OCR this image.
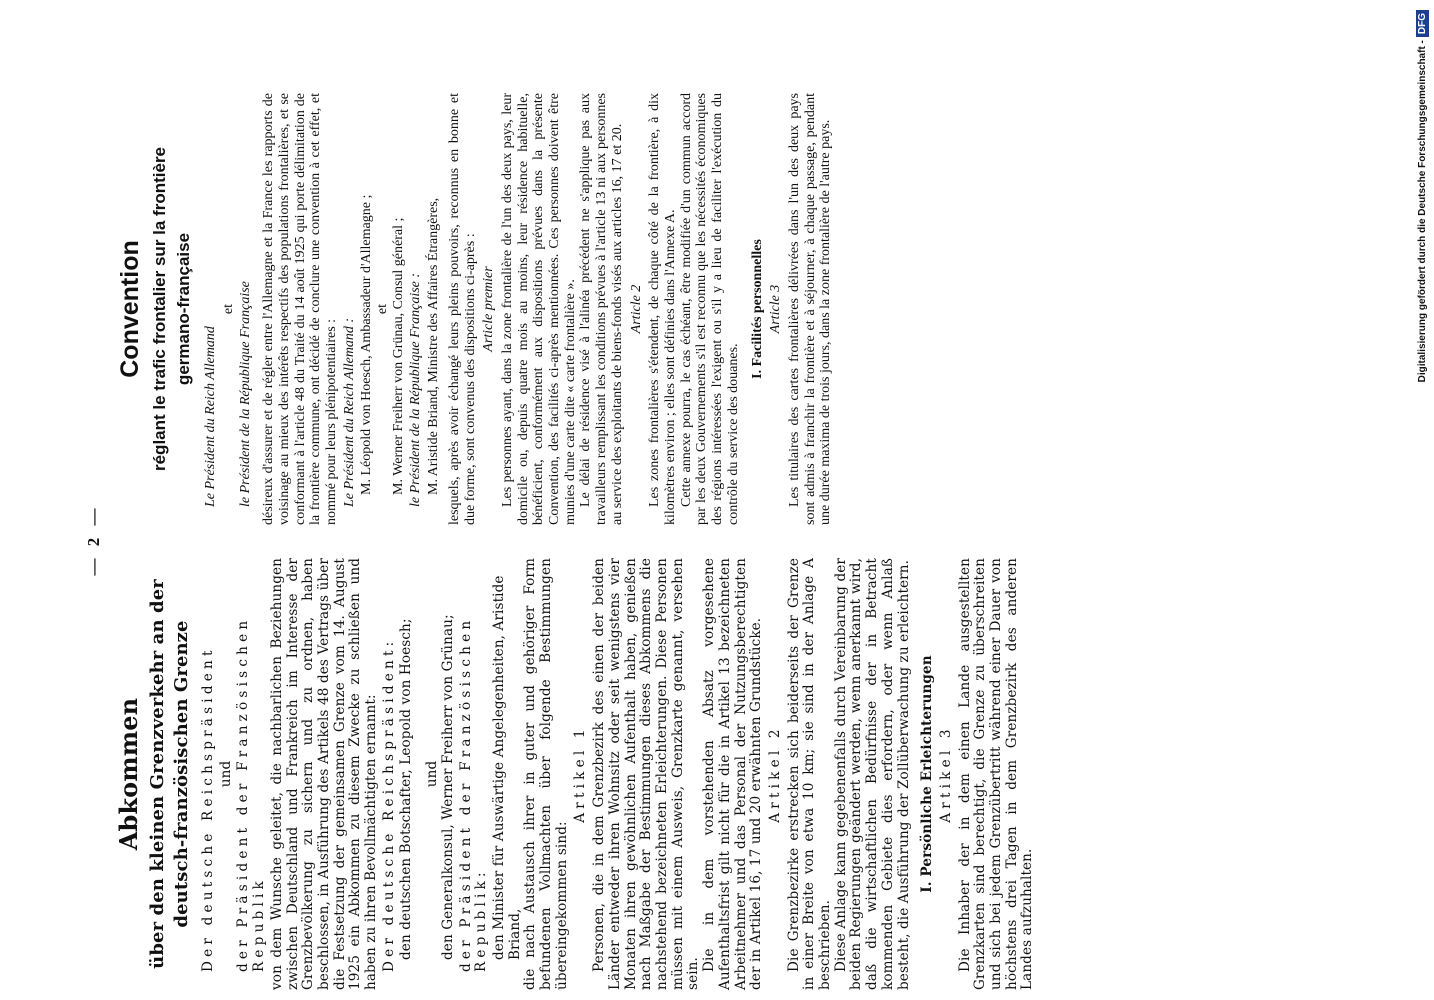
— 2 —
Abkommen über den kleinen Grenzverkehr an der deutsch-französischen Grenze Der deutsche Reichspräsident und der Präsident der Französischen Republik von dem Wunsche geleitet, die nachbarlichen Beziehungen zwischen Deutschland und Frankreich im Interesse der Grenzbevölkerung zu sichern und zu ordnen, haben beschlossen, in Ausführung des Artikels 48 des Vertrags über die Festsetzung der gemeinsamen Grenze vom 14. August 1925 ein Abkommen zu diesem Zwecke zu schließen und haben zu ihren Bevollmächtigten ernannt: Der deutsche Reichspräsident: den deutschen Botschafter, Leopold von Hoesch; und den Generalkonsul, Werner Freiherr von Grünau; der Präsident der Französischen Republik: den Minister für Auswärtige Angelegenheiten, Aristide Briand, die nach Austausch ihrer in guter und gehöriger Form befundenen Vollmachten über folgende Bestimmungen übereingekommen sind:

Artikel 1 Personen, die in dem Grenzbezirk des einen der beiden Länder entweder ihren Wohnsitz oder seit wenigstens vier Monaten ihren gewöhnlichen Aufenthalt haben, genießen nach Maßgabe der Bestimmungen dieses Abkommens die nachstehend bezeichneten Erleichterungen. Diese Personen müssen mit einem Ausweis, Grenzkarte genannt, versehen sein.

Die in dem vorstehenden Absatz vorgesehene Aufenthaltsfrist gilt nicht für die in Artikel 13 bezeichneten Arbeitnehmer und das Personal der Nutzungsberechtigten der in Artikel 16, 17 und 20 erwähnten Grundstücke. Artikel 2 Die Grenzbezirke erstrecken sich beiderseits der Grenze in einer Breite von etwa 10 km; sie sind in der Anlage A beschrieben. Diese Anlage kann gegebenenfalls durch Vereinbarung der beiden Regierungen geändert werden, wenn anerkannt wird, daß die wirtschaftlichen Bedürfnisse der in Betracht kommenden Gebiete dies erfordern, oder wenn Anlaß besteht, die Ausführung der Zollüberwachung zu erleichtern. I. Persönliche Erleichterungen Artikel 3 Die Inhaber der in dem einen Lande ausgestellten Grenzkarten sind berechtigt, die Grenze zu überschreiten und sich bei jedem Grenzübertritt während einer Dauer von höchstens drei Tagen in dem Grenzbezirk des anderen Landes aufzuhalten.

Convention réglant le trafic frontalier sur la frontière germano-française
Le Président du Reich Allemand
et le Président de la République Française désireux d'assurer et de régler entre l'Allemagne et la France les rapports de voisinage au mieux des intérêts respectifs des populations frontalières, et se conformant à l'article 48 du Traité du 14 août 1925 qui porte délimitation de la frontière commune, ont décidé de conclure une convention à cet effet, et nommé pour leurs plénipotentiaires : Le Président du Reich Allemand : M. Léopold von Hoesch, Ambassadeur d'Allemagne ; et M. Werner Freiherr von Grünau, Consul général ; le Président de la République Française : M. Aristide Briand, Ministre des Affaires Étrangères, lesquels, après avoir échangé leurs pleins pouvoirs, reconnus en bonne et due forme, sont convenus des dispositions ci-après : Article premier Les personnes ayant, dans la zone frontalière de l'un des deux pays, leur domicile ou, depuis quatre mois au moins, leur résidence habituelle, bénéficient, conformément aux dispositions prévues dans la présente Convention, des facilités ci-après mentionnées. Ces personnes doivent être munies d'une carte dite « carte frontalière ». Le délai de résidence visé à l'alinéa précédent ne s'applique pas aux travailleurs remplissant les conditions prévues à l'article 13 ni aux personnes au service des exploitants de biens-fonds visés aux articles 16, 17 et 20. Article 2 Les zones frontalières s'étendent, de chaque côté de la frontière, à dix kilomètres environ ; elles sont définies dans l'Annexe A. Cette annexe pourra, le cas échéant, être modifiée d'un commun accord par les deux Gouvernements s'il est reconnu que les nécessités économiques des régions intéressées l'exigent ou s'il y a lieu de faciliter l'exécution du contrôle du service des douanes.

I. Facilités personnelles Article 3 Les titulaires des cartes frontalières délivrées dans l'un des deux pays sont admis à franchir la frontière et à séjourner, à chaque passage, pendant une durée maxima de trois jours, dans la zone frontalière de l'autre pays.	Digitalisierung gefördert durch die Deutsche Forschungsgemeinschaft -DFG
